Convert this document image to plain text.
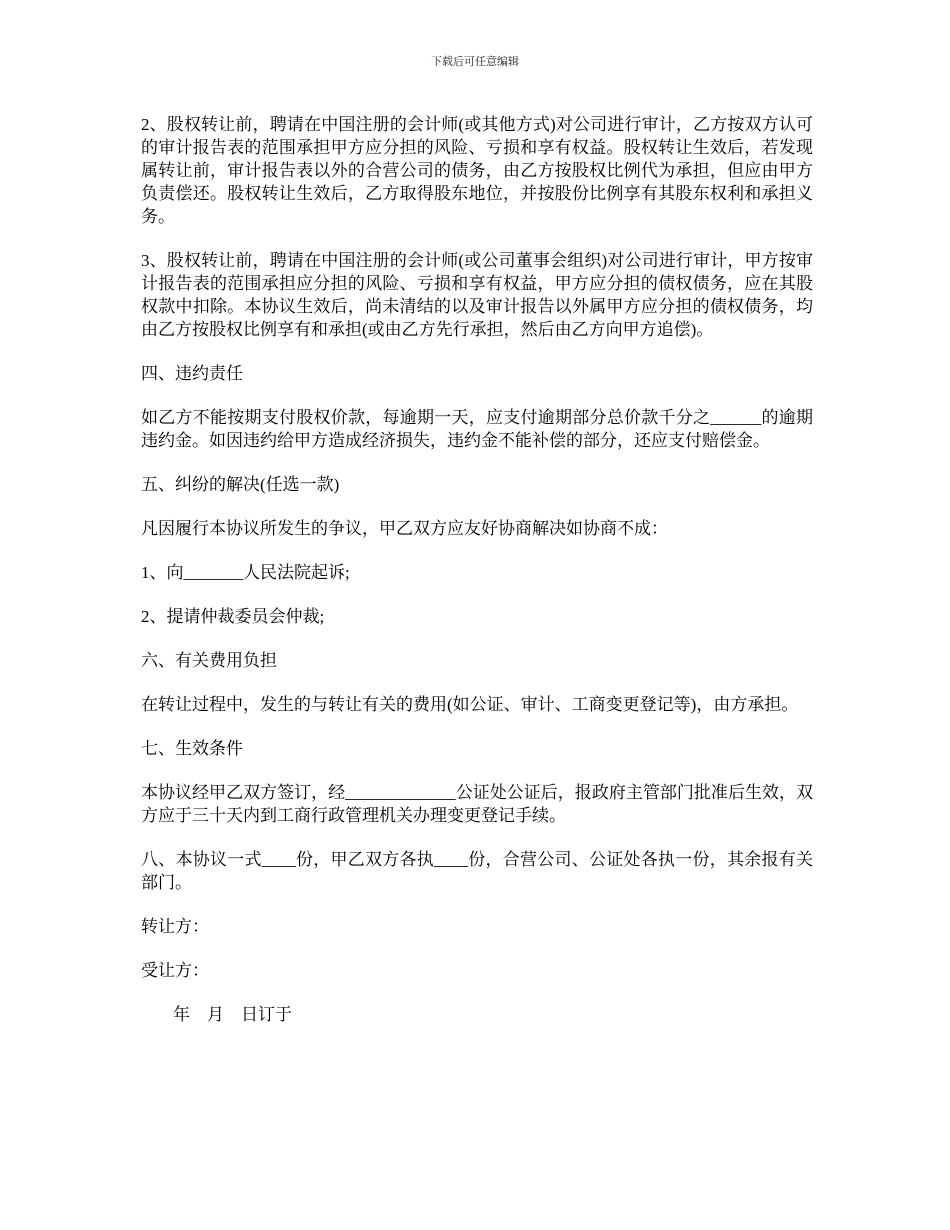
下载后可任意编辑

2、股权转让前，聘请在中国注册的会计师(或其他方式)对公司进行审计，乙方按双方认可的审计报告表的范围承担甲方应分担的风险、亏损和享有权益。股权转让生效后，若发现属转让前，审计报告表以外的合营公司的债务，由乙方按股权比例代为承担，但应由甲方负责偿还。股权转让生效后，乙方取得股东地位，并按股份比例享有其股东权利和承担义务。

3、股权转让前，聘请在中国注册的会计师(或公司董事会组织)对公司进行审计，甲方按审计报告表的范围承担应分担的风险、亏损和享有权益，甲方应分担的债权债务，应在其股权款中扣除。本协议生效后，尚未清结的以及审计报告以外属甲方应分担的债权债务，均由乙方按股权比例享有和承担(或由乙方先行承担，然后由乙方向甲方追偿)。

四、违约责任

如乙方不能按期支付股权价款，每逾期一天，应支付逾期部分总价款千分之______的逾期违约金。如因违约给甲方造成经济损失，违约金不能补偿的部分，还应支付赔偿金。

五、纠纷的解决(任选一款)

凡因履行本协议所发生的争议，甲乙双方应友好协商解决如协商不成：

1、向_______人民法院起诉;

2、提请仲裁委员会仲裁;

六、有关费用负担

在转让过程中，发生的与转让有关的费用(如公证、审计、工商变更登记等)，由方承担。

七、生效条件

本协议经甲乙双方签订，经_____________公证处公证后，报政府主管部门批准后生效，双方应于三十天内到工商行政管理机关办理变更登记手续。

八、本协议一式____份，甲乙双方各执____份，合营公司、公证处各执一份，其余报有关部门。

转让方：

受让方：

年    月    日订于
